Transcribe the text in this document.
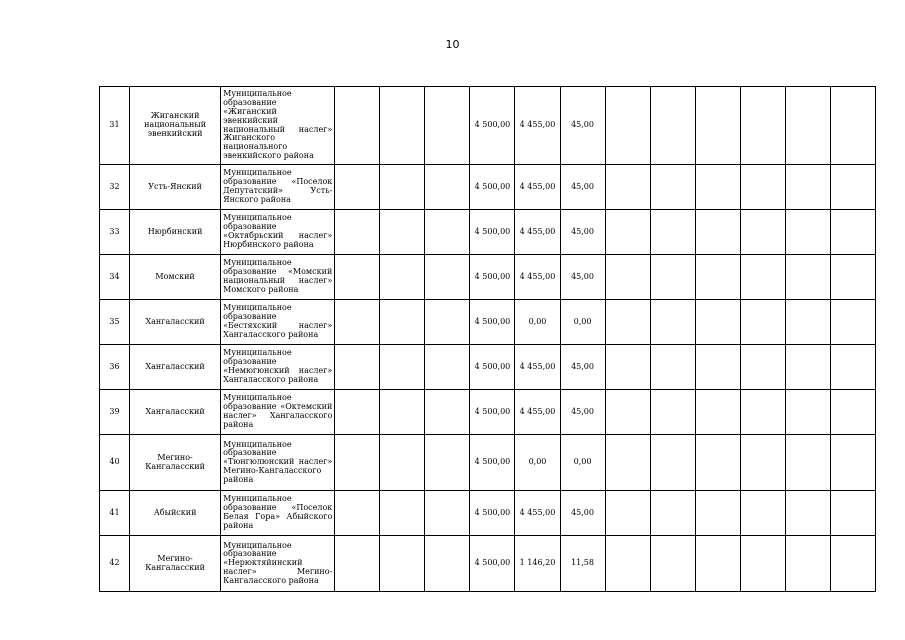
10
31	Жиганский национальный эвенкийский	Муниципальное образование «Жиганский эвенкийский национальный наслег» Жиганского национального эвенкийского района				4 500,00	4 455,00	45,00						
32	Усть-Янский	Муниципальное образование «Поселок Депутатский» Усть-Янского района				4 500,00	4 455,00	45,00						
33	Нюрбинский	Муниципальное образование «Октябрьский наслег» Нюрбинского района				4 500,00	4 455,00	45,00						
34	Момский	Муниципальное образование «Момский национальный наслег» Момского района				4 500,00	4 455,00	45,00						
35	Хангаласский	Муниципальное образование «Бестяхский наслег» Хангаласского района				4 500,00	0,00	0,00						
36	Хангаласский	Муниципальное образование «Немюгюнский наслег» Хангаласского района				4 500,00	4 455,00	45,00						
39	Хангаласский	Муниципальное образование «Октемский наслег» Хангаласского района				4 500,00	4 455,00	45,00						
40	Мегино-Кангаласский	Муниципальное образование «Тюнгюлюнский наслег» Мегино-Кангаласского района				4 500,00	0,00	0,00						
41	Абыйский	Муниципальное образование «Поселок Белая Гора» Абыйского района				4 500,00	4 455,00	45,00						
42	Мегино-Кангаласский	Муниципальное образование «Нерюктяйинский наслег» Мегино-Кангаласского района				4 500,00	1 146,20	11,58						
